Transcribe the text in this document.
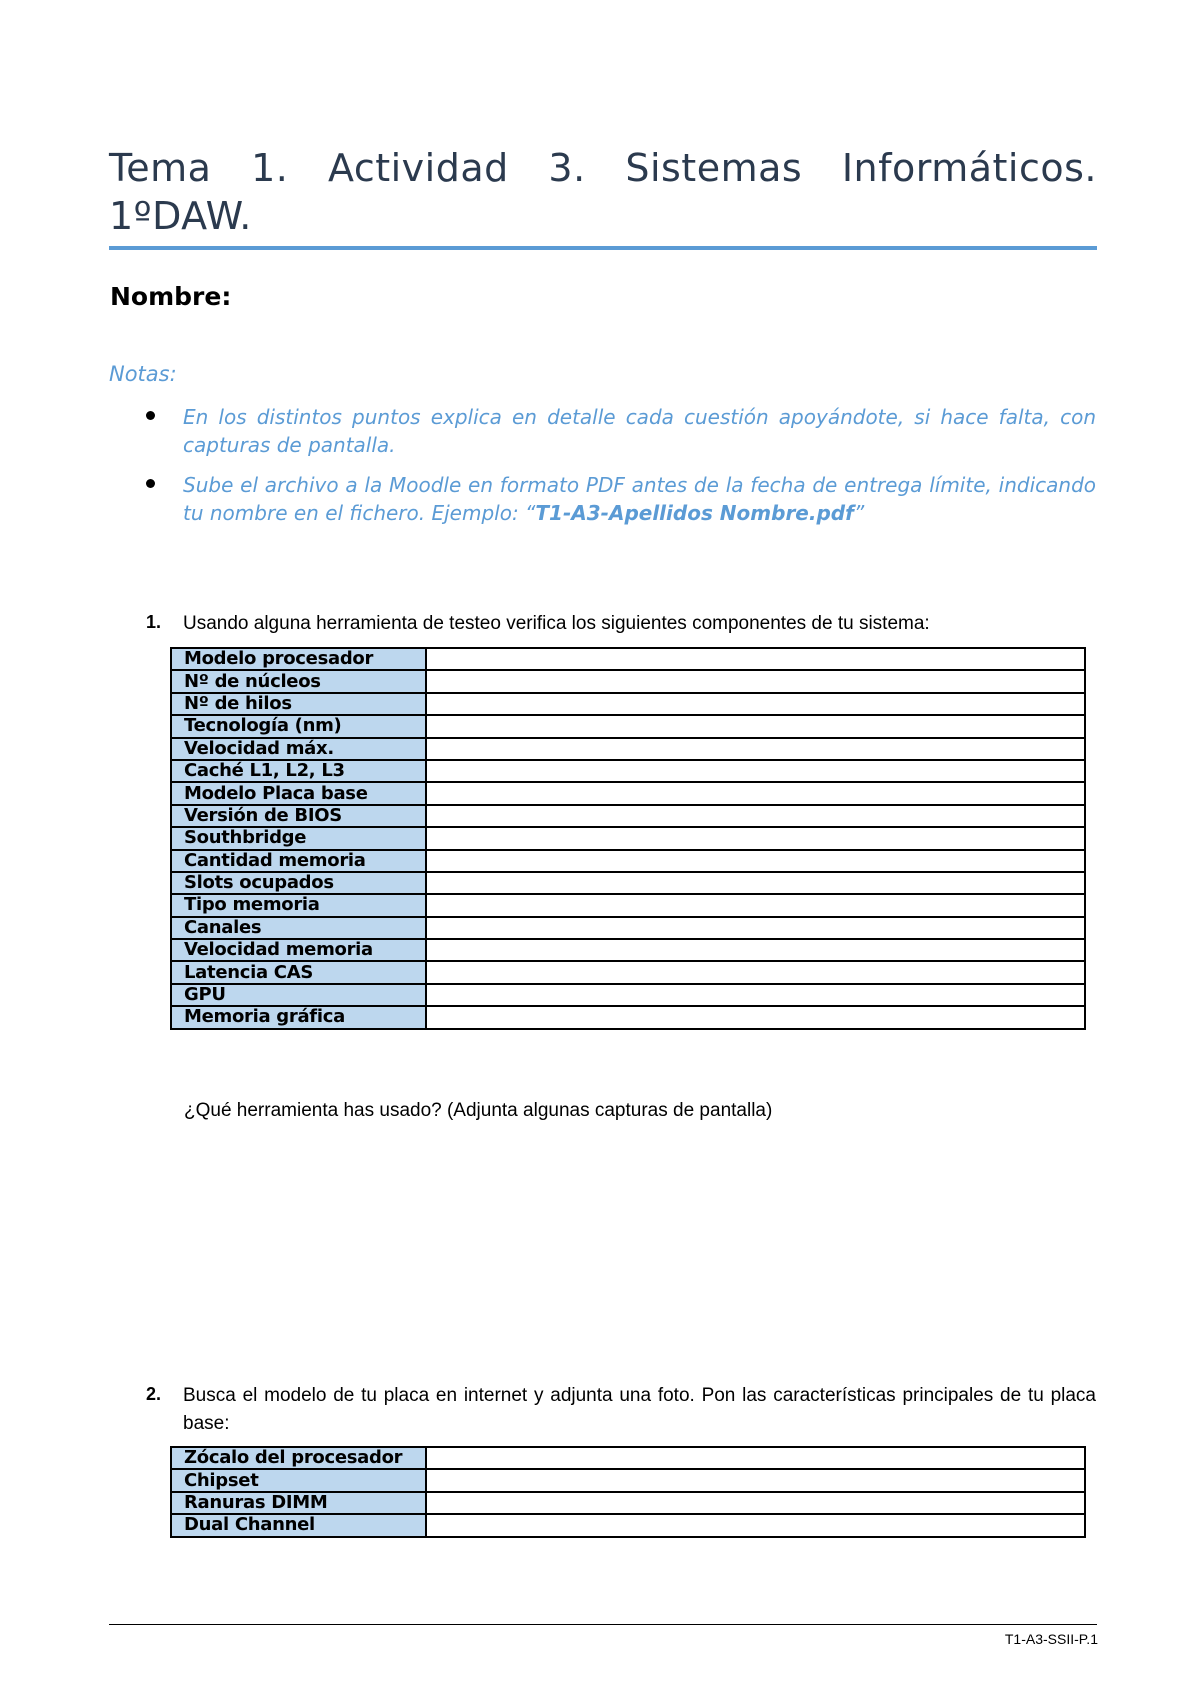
Tema 1. Actividad 3. Sistemas Informáticos. 1ºDAW.
Nombre:
Notas:
En los distintos puntos explica en detalle cada cuestión apoyándote, si hace falta, con capturas de pantalla.
Sube el archivo a la Moodle en formato PDF antes de la fecha de entrega límite, indicando tu nombre en el fichero. Ejemplo: “T1-A3-Apellidos Nombre.pdf”
1. Usando alguna herramienta de testeo verifica los siguientes componentes de tu sistema:
Modelo procesador	
Nº de núcleos	
Nº de hilos	
Tecnología (nm)	
Velocidad máx.	
Caché L1, L2, L3	
Modelo Placa base	
Versión de BIOS	
Southbridge	
Cantidad memoria	
Slots ocupados	
Tipo memoria	
Canales	
Velocidad memoria	
Latencia CAS	
GPU	
Memoria gráfica	
¿Qué herramienta has usado? (Adjunta algunas capturas de pantalla)
2. Busca el modelo de tu placa en internet y adjunta una foto. Pon las características principales de tu placa base:
Zócalo del procesador	
Chipset	
Ranuras DIMM	
Dual Channel	
T1-A3-SSII-P.1
